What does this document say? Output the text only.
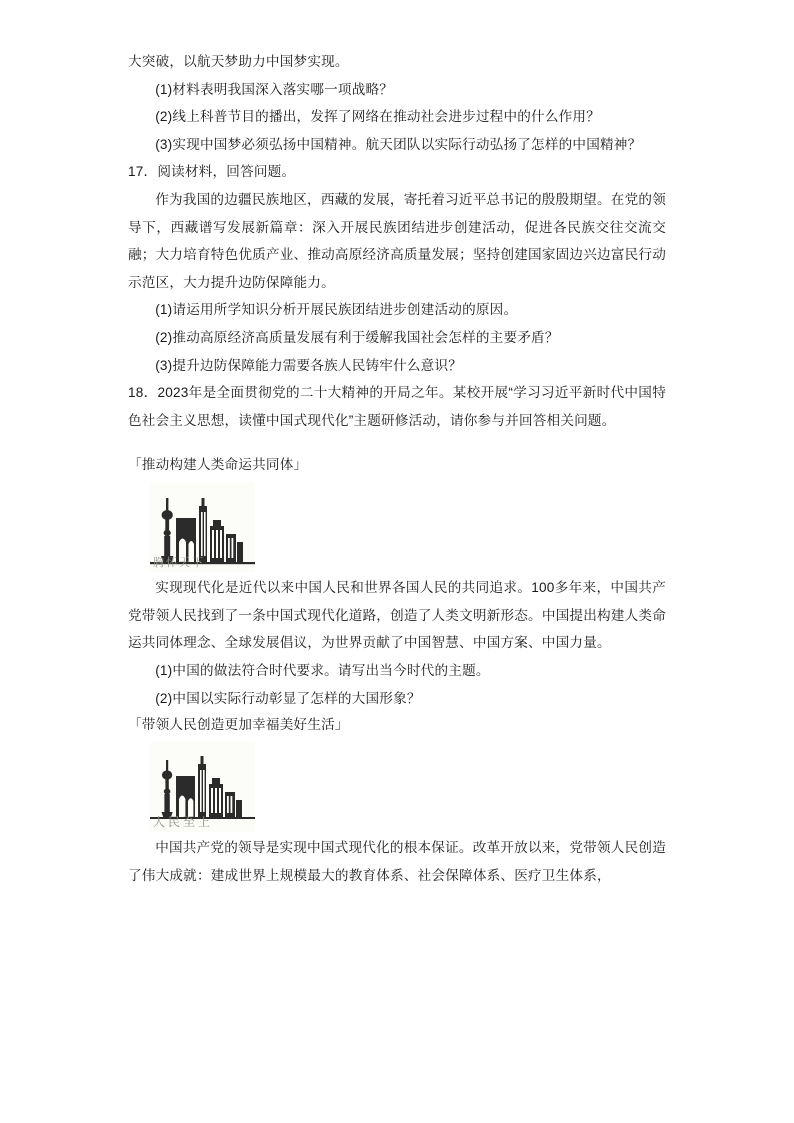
大突破，以航天梦助力中国梦实现。

(1)材料表明我国深入落实哪一项战略？

(2)线上科普节目的播出，发挥了网络在推动社会进步过程中的什么作用？

(3)实现中国梦必须弘扬中国精神。航天团队以实际行动弘扬了怎样的中国精神？

17．阅读材料，回答问题。

作为我国的边疆民族地区，西藏的发展，寄托着习近平总书记的殷殷期望。在党的领导下，西藏谱写发展新篇章：深入开展民族团结进步创建活动，促进各民族交往交流交融；大力培育特色优质产业、推动高原经济高质量发展；坚持创建国家固边兴边富民行动示范区，大力提升边防保障能力。

(1)请运用所学知识分析开展民族团结进步创建活动的原因。

(2)推动高原经济高质量发展有利于缓解我国社会怎样的主要矛盾？

(3)提升边防保障能力需要各族人民铸牢什么意识？

18．2023年是全面贯彻党的二十大精神的开局之年。某校开展“学习习近平新时代中国特色社会主义思想，读懂中国式现代化”主题研修活动，请你参与并回答相关问题。

「推动构建人类命运共同体」

胸怀天下

实现现代化是近代以来中国人民和世界各国人民的共同追求。100多年来，中国共产党带领人民找到了一条中国式现代化道路，创造了人类文明新形态。中国提出构建人类命运共同体理念、全球发展倡议，为世界贡献了中国智慧、中国方案、中国力量。

(1)中国的做法符合时代要求。请写出当今时代的主题。

(2)中国以实际行动彰显了怎样的大国形象？

「带领人民创造更加幸福美好生活」

人民至上

中国共产党的领导是实现中国式现代化的根本保证。改革开放以来，党带领人民创造了伟大成就：建成世界上规模最大的教育体系、社会保障体系、医疗卫生体系，
